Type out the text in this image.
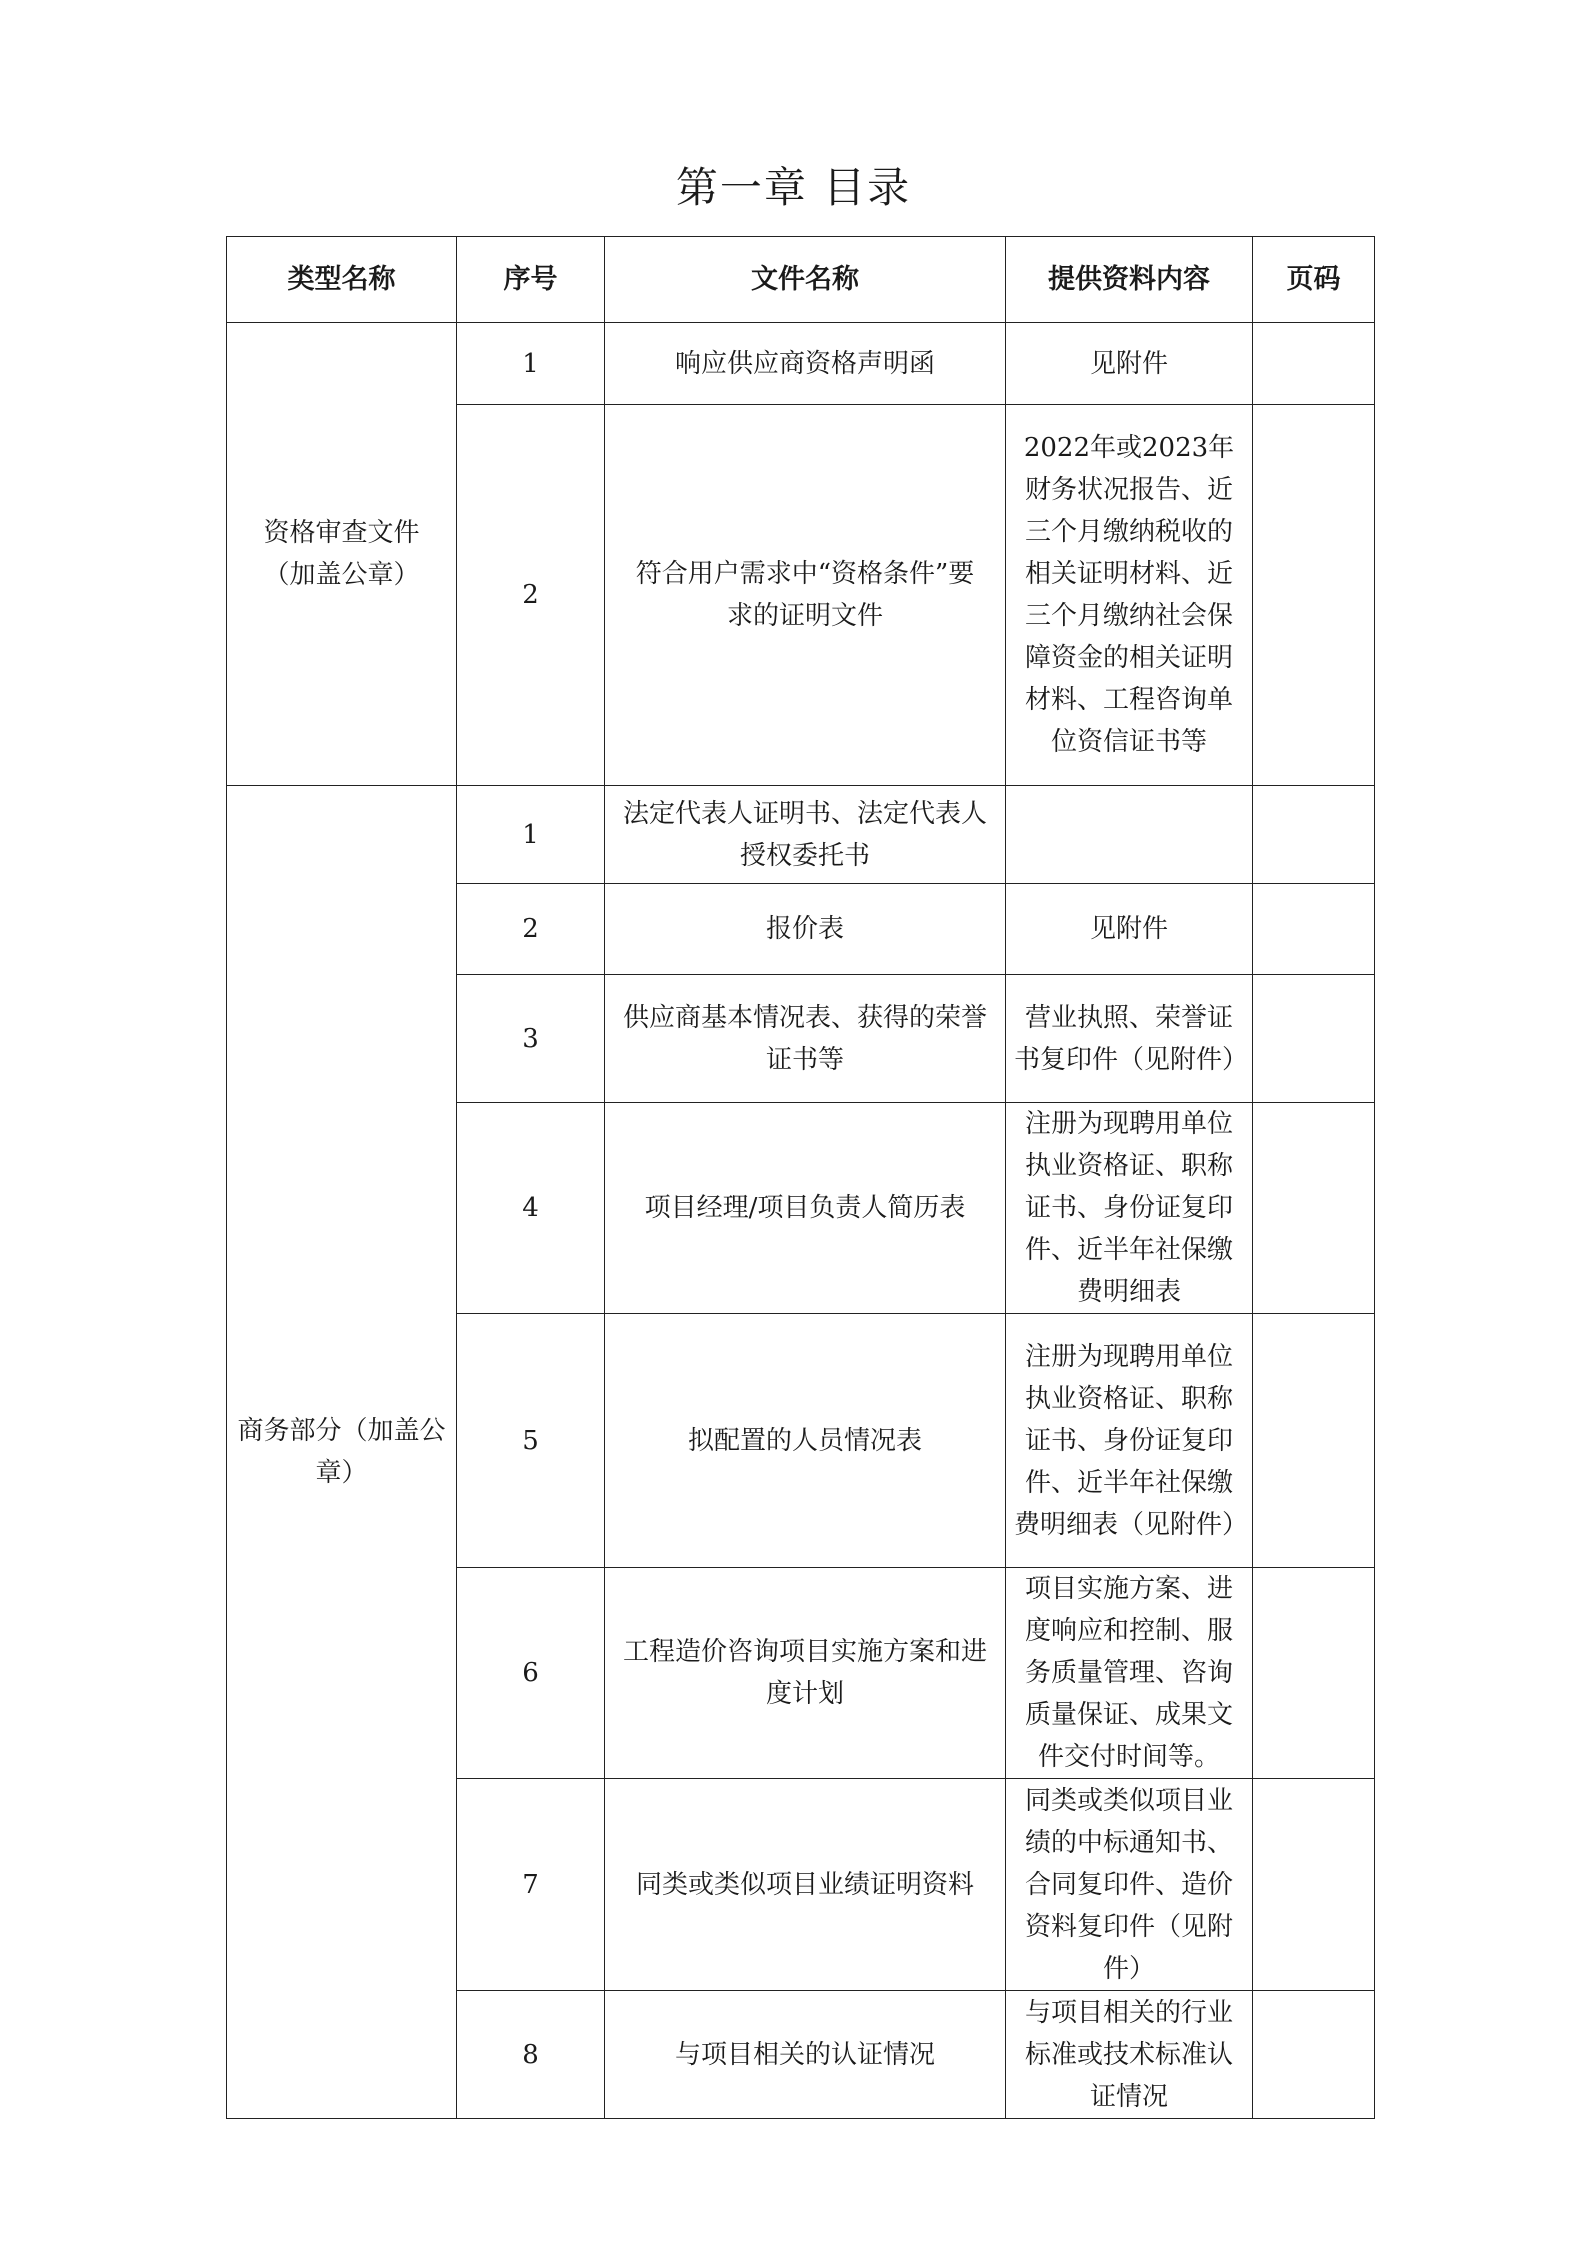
第一章 目录
类型名称	序号	文件名称	提供资料内容	页码
资格审查文件（加盖公章）	1	响应供应商资格声明函	见附件	
	2	符合用户需求中“资格条件”要求的证明文件	2022年或2023年财务状况报告、近三个月缴纳税收的相关证明材料、近三个月缴纳社会保障资金的相关证明材料、工程咨询单位资信证书等	
商务部分（加盖公章）	1	法定代表人证明书、法定代表人授权委托书		
	2	报价表	见附件	
	3	供应商基本情况表、获得的荣誉证书等	营业执照、荣誉证书复印件（见附件）	
	4	项目经理/项目负责人简历表	注册为现聘用单位执业资格证、职称证书、身份证复印件、近半年社保缴费明细表	
	5	拟配置的人员情况表	注册为现聘用单位执业资格证、职称证书、身份证复印件、近半年社保缴费明细表（见附件）	
	6	工程造价咨询项目实施方案和进度计划	项目实施方案、进度响应和控制、服务质量管理、咨询质量保证、成果文件交付时间等。	
	7	同类或类似项目业绩证明资料	同类或类似项目业绩的中标通知书、合同复印件、造价资料复印件（见附件）	
	8	与项目相关的认证情况	与项目相关的行业标准或技术标准认证情况	
